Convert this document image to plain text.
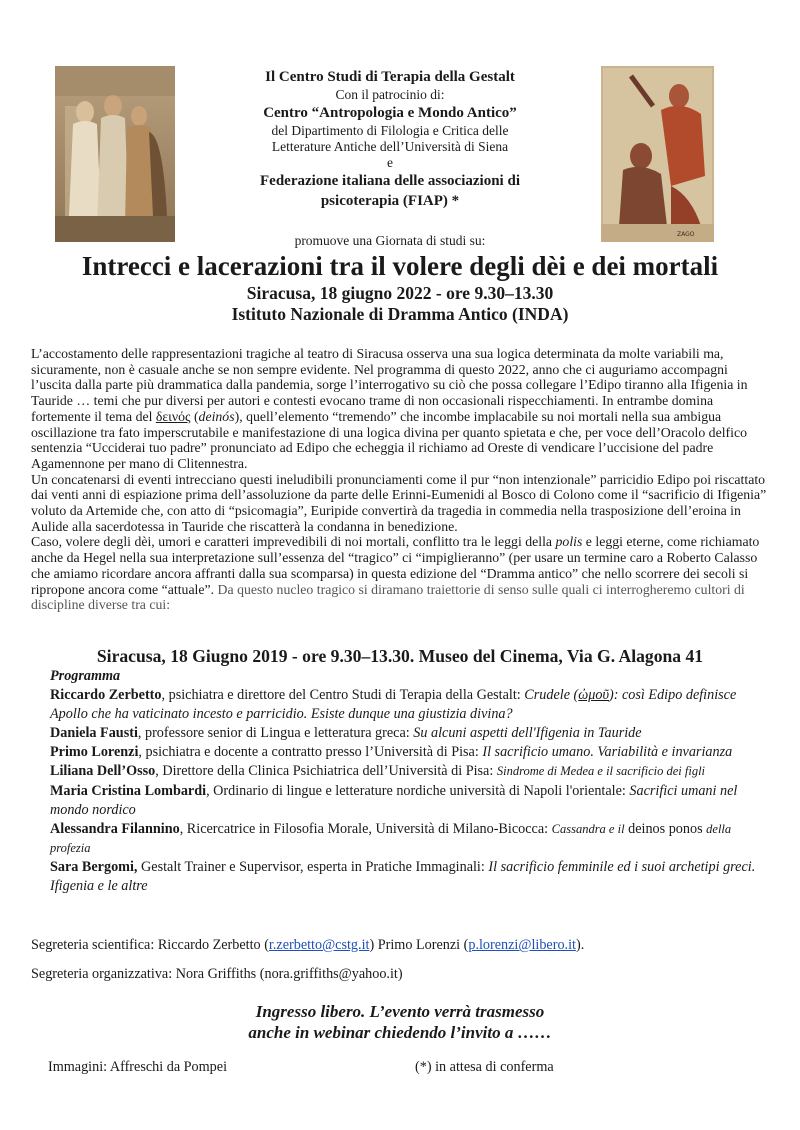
ZAGO
Il Centro Studi di Terapia della Gestalt
Con il patrocinio di:
Centro “Antropologia e Mondo Antico”
del Dipartimento di Filologia e Critica delle
Letterature Antiche dell’Università di Siena
e
Federazione italiana delle associazioni di
psicoterapia (FIAP) *
promuove una Giornata di studi su:
Intrecci e lacerazioni tra il volere degli dèi e dei mortali
Siracusa, 18 giugno 2022 - ore 9.30–13.30
Istituto Nazionale di Dramma Antico (INDA)

L’accostamento delle rappresentazioni tragiche al teatro di Siracusa osserva una sua logica determinata da molte variabili ma, sicuramente, non è casuale anche se non sempre evidente. Nel programma di questo 2022, anno che ci auguriamo accompagni l’uscita dalla parte più drammatica dalla pandemia, sorge l’interrogativo su ciò che possa collegare l’Edipo tiranno alla Ifigenia in Tauride … temi che pur diversi per autori e contesti evocano trame di non occasionali rispecchiamenti. In entrambe domina fortemente il tema del δεινός (deinós), quell’elemento “tremendo” che incombe implacabile su noi mortali nella sua ambigua oscillazione tra fato imperscrutabile e manifestazione di una logica divina per quanto spietata e che, per voce dell’Oracolo delfico sentenzia “Ucciderai tuo padre” pronunciato ad Edipo che echeggia il richiamo ad Oreste di vendicare l’uccisione del padre Agamennone per mano di Clitennestra.

Un concatenarsi di eventi intrecciano questi ineludibili pronunciamenti come il pur “non intenzionale” parricidio Edipo poi riscattato dai venti anni di espiazione prima dell’assoluzione da parte delle Erinni-Eumenidi al Bosco di Colono come il “sacrificio di Ifigenia” voluto da Artemide che, con atto di “psicomagia”, Euripide convertirà da tragedia in commedia nella trasposizione dell’eroina in Aulide alla sacerdotessa in Tauride che riscatterà la condanna in benedizione.

Caso, volere degli dèi, umori e caratteri imprevedibili di noi mortali, conflitto tra le leggi della polis e leggi eterne, come richiamato anche da Hegel nella sua interpretazione sull’essenza del “tragico” ci “impiglieranno” (per usare un termine caro a Roberto Calasso che amiamo ricordare ancora affranti dalla sua scomparsa) in questa edizione del “Dramma antico” che nello scorrere dei secoli si ripropone ancora come “attuale”. Da questo nucleo tragico si diramano traiettorie di senso sulle quali ci interrogheremo cultori di discipline diverse tra cui:

Siracusa, 18 Giugno 2019 - ore 9.30–13.30. Museo del Cinema, Via G. Alagona 41
Programma
Riccardo Zerbetto, psichiatra e direttore del Centro Studi di Terapia della Gestalt: Crudele (ὠμοῦ): così Edipo definisce Apollo che ha vaticinato incesto e parricidio. Esiste dunque una giustizia divina?
Daniela Fausti, professore senior di Lingua e letteratura greca: Su alcuni aspetti dell'Ifigenia in Tauride
Primo Lorenzi, psichiatra e docente a contratto presso l’Università di Pisa: Il sacrificio umano. Variabilità e invarianza
Liliana Dell’Osso, Direttore della Clinica Psichiatrica dell’Università di Pisa: Sindrome di Medea e il sacrificio dei figli
Maria Cristina Lombardi, Ordinario di lingue e letterature nordiche università di Napoli l'orientale: Sacrifici umani nel mondo nordico
Alessandra Filannino, Ricercatrice in Filosofia Morale, Università di Milano-Bicocca: Cassandra e il deinos ponos della profezia
Sara Bergomi, Gestalt Trainer e Supervisor, esperta in Pratiche Immaginali: Il sacrificio femminile ed i suoi archetipi greci. Ifigenia e le altre
Segreteria scientifica: Riccardo Zerbetto (r.zerbetto@cstg.it) Primo Lorenzi (p.lorenzi@libero.it).
Segreteria organizzativa: Nora Griffiths (nora.griffiths@yahoo.it)
Ingresso libero. L’evento verrà trasmesso
anche in webinar chiedendo l’invito a ……
Immagini: Affreschi da Pompei	(*) in attesa di conferma
